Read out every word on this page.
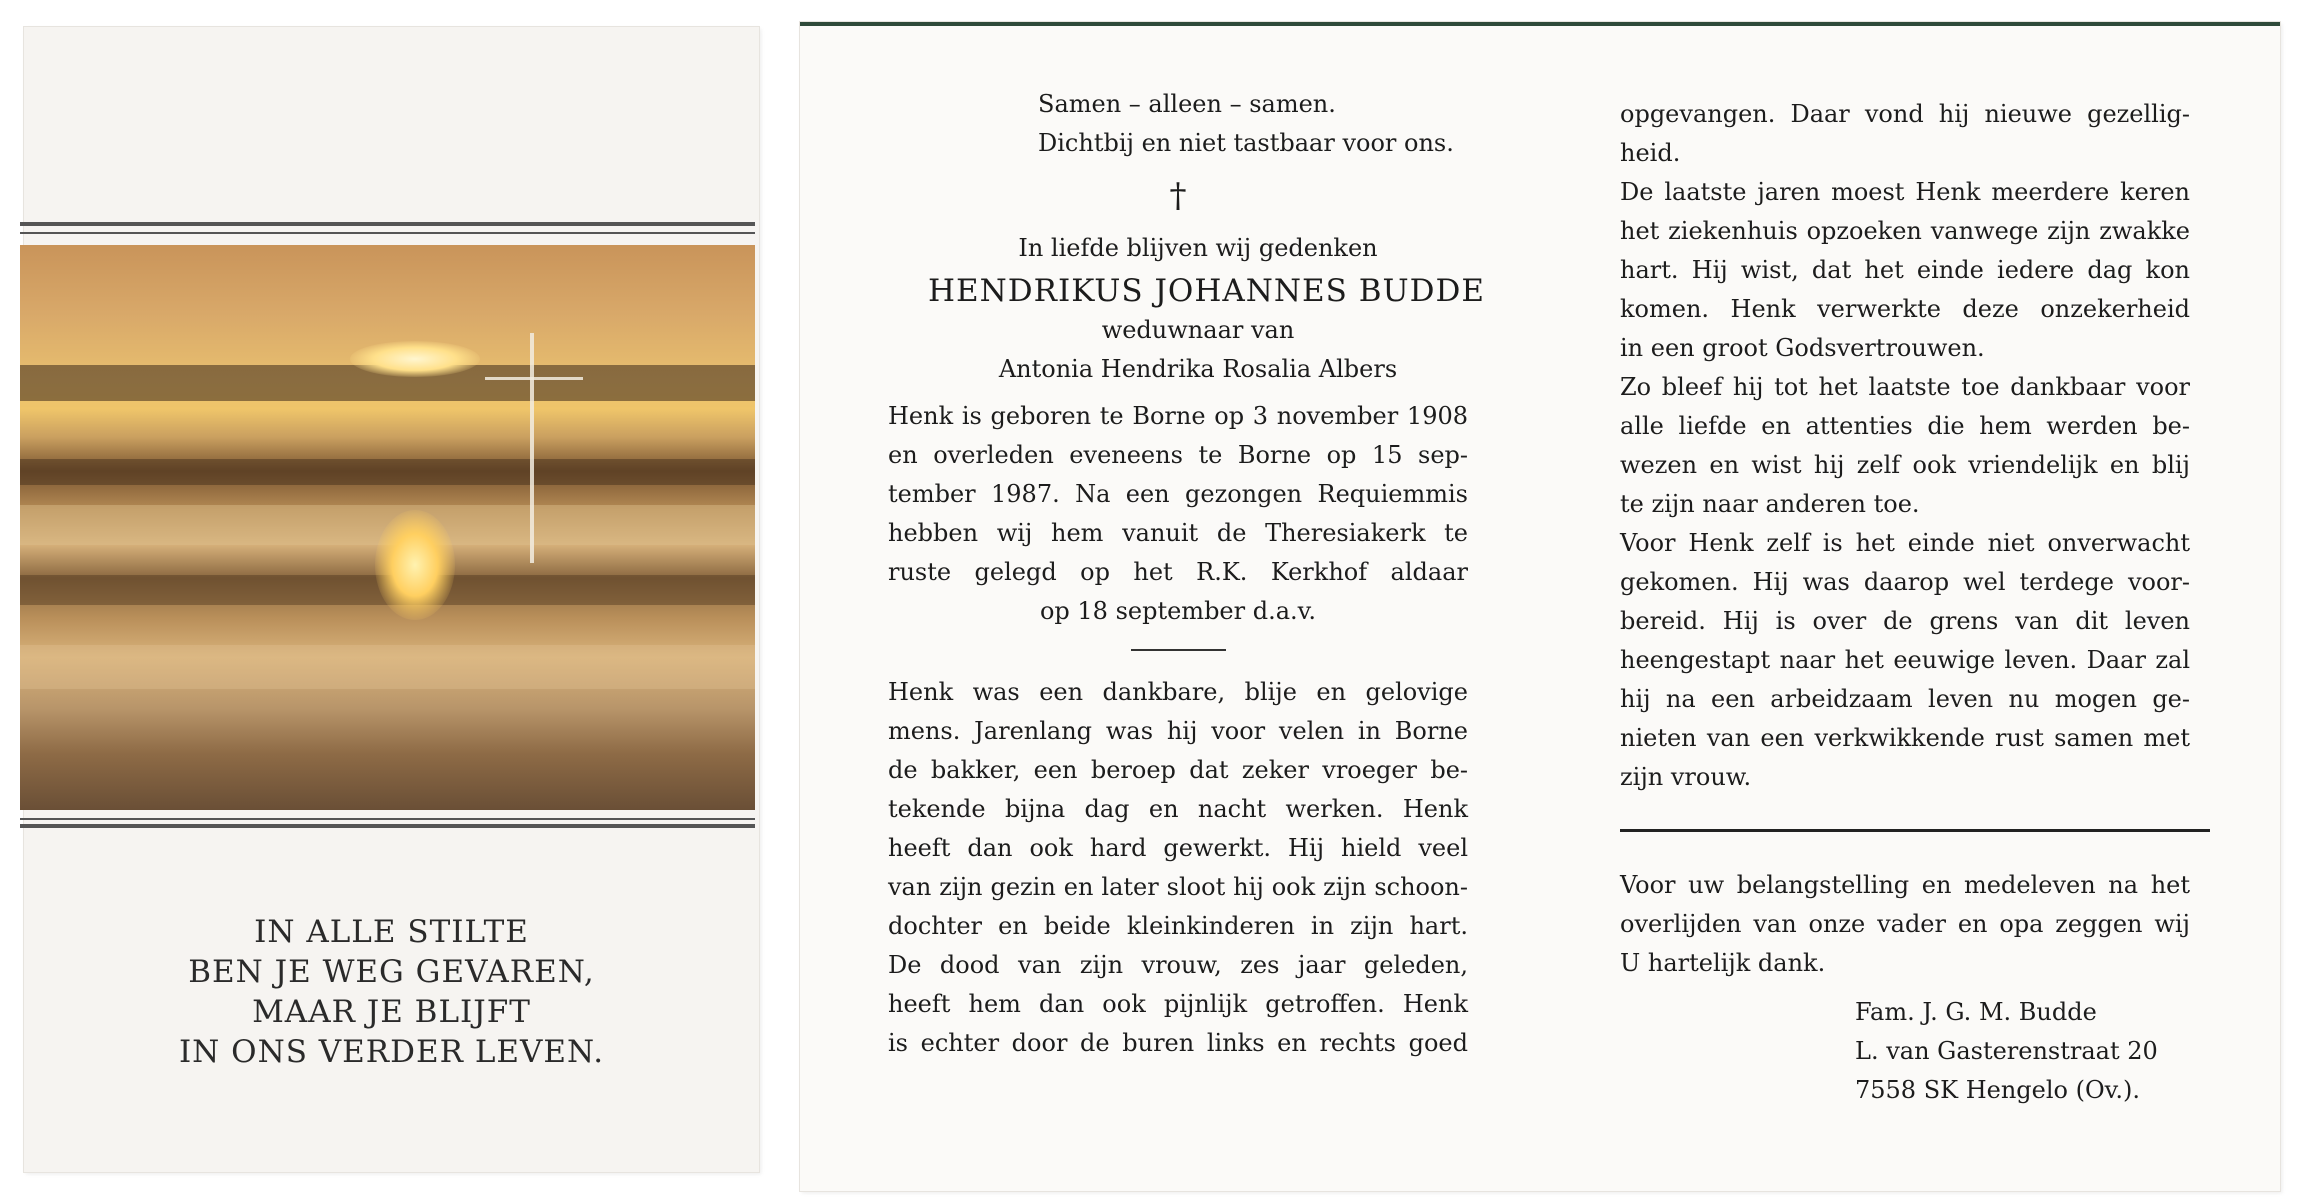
IN ALLE STILTE
BEN JE WEG GEVAREN,
MAAR JE BLIJFT
IN ONS VERDER LEVEN.
Samen – alleen – samen.
Dichtbij en niet tastbaar voor ons.
†
In liefde blijven wij gedenken
HENDRIKUS JOHANNES BUDDE
weduwnaar van
Antonia Hendrika Rosalia Albers
Henk is geboren te Borne op 3 november 1908
en overleden eveneens te Borne op 15 sep-
tember 1987. Na een gezongen Requiemmis
hebben wij hem vanuit de Theresiakerk te
ruste gelegd op het R.K. Kerkhof aldaar
op 18 september d.a.v.
Henk was een dankbare, blije en gelovige
mens. Jarenlang was hij voor velen in Borne
de bakker, een beroep dat zeker vroeger be-
tekende bijna dag en nacht werken. Henk
heeft dan ook hard gewerkt. Hij hield veel
van zijn gezin en later sloot hij ook zijn schoon-
dochter en beide kleinkinderen in zijn hart.
De dood van zijn vrouw, zes jaar geleden,
heeft hem dan ook pijnlijk getroffen. Henk
is echter door de buren links en rechts goed
opgevangen. Daar vond hij nieuwe gezellig-
heid.
De laatste jaren moest Henk meerdere keren
het ziekenhuis opzoeken vanwege zijn zwakke
hart. Hij wist, dat het einde iedere dag kon
komen. Henk verwerkte deze onzekerheid
in een groot Godsvertrouwen.
Zo bleef hij tot het laatste toe dankbaar voor
alle liefde en attenties die hem werden be-
wezen en wist hij zelf ook vriendelijk en blij
te zijn naar anderen toe.
Voor Henk zelf is het einde niet onverwacht
gekomen. Hij was daarop wel terdege voor-
bereid. Hij is over de grens van dit leven
heengestapt naar het eeuwige leven. Daar zal
hij na een arbeidzaam leven nu mogen ge-
nieten van een verkwikkende rust samen met
zijn vrouw.
Voor uw belangstelling en medeleven na het
overlijden van onze vader en opa zeggen wij
U hartelijk dank.
Fam. J. G. M. Budde
L. van Gasterenstraat 20
7558 SK Hengelo (Ov.).
